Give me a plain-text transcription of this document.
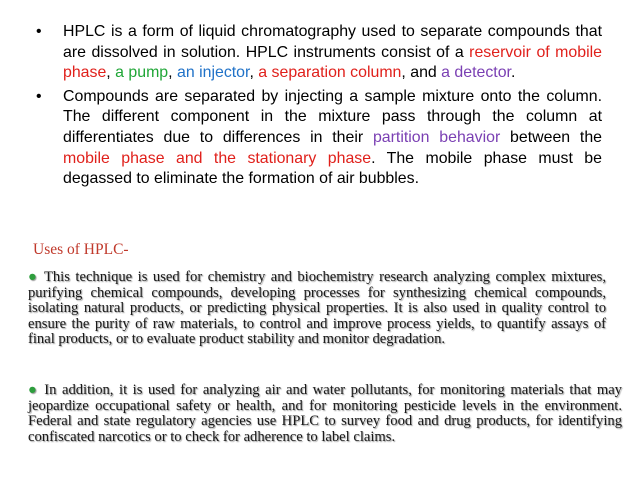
• HPLC is a form of liquid chromatography used to separate compounds that are dissolved in solution. HPLC instruments consist of a reservoir of mobile phase, a pump, an injector, a separation column, and a detector.
• Compounds are separated by injecting a sample mixture onto the column. The different component in the mixture pass through the column at differentiates due to differences in their partition behavior between the mobile phase and the stationary phase. The mobile phase must be degassed to eliminate the formation of air bubbles.
Uses of HPLC-
● This technique is used for chemistry and biochemistry research analyzing complex mixtures, purifying chemical compounds, developing processes for synthesizing chemical compounds, isolating natural products, or predicting physical properties. It is also used in quality control to ensure the purity of raw materials, to control and improve process yields, to quantify assays of final products, or to evaluate product stability and monitor degradation.
● In addition, it is used for analyzing air and water pollutants, for monitoring materials that may jeopardize occupational safety or health, and for monitoring pesticide levels in the environment. Federal and state regulatory agencies use HPLC to survey food and drug products, for identifying confiscated narcotics or to check for adherence to label claims.
